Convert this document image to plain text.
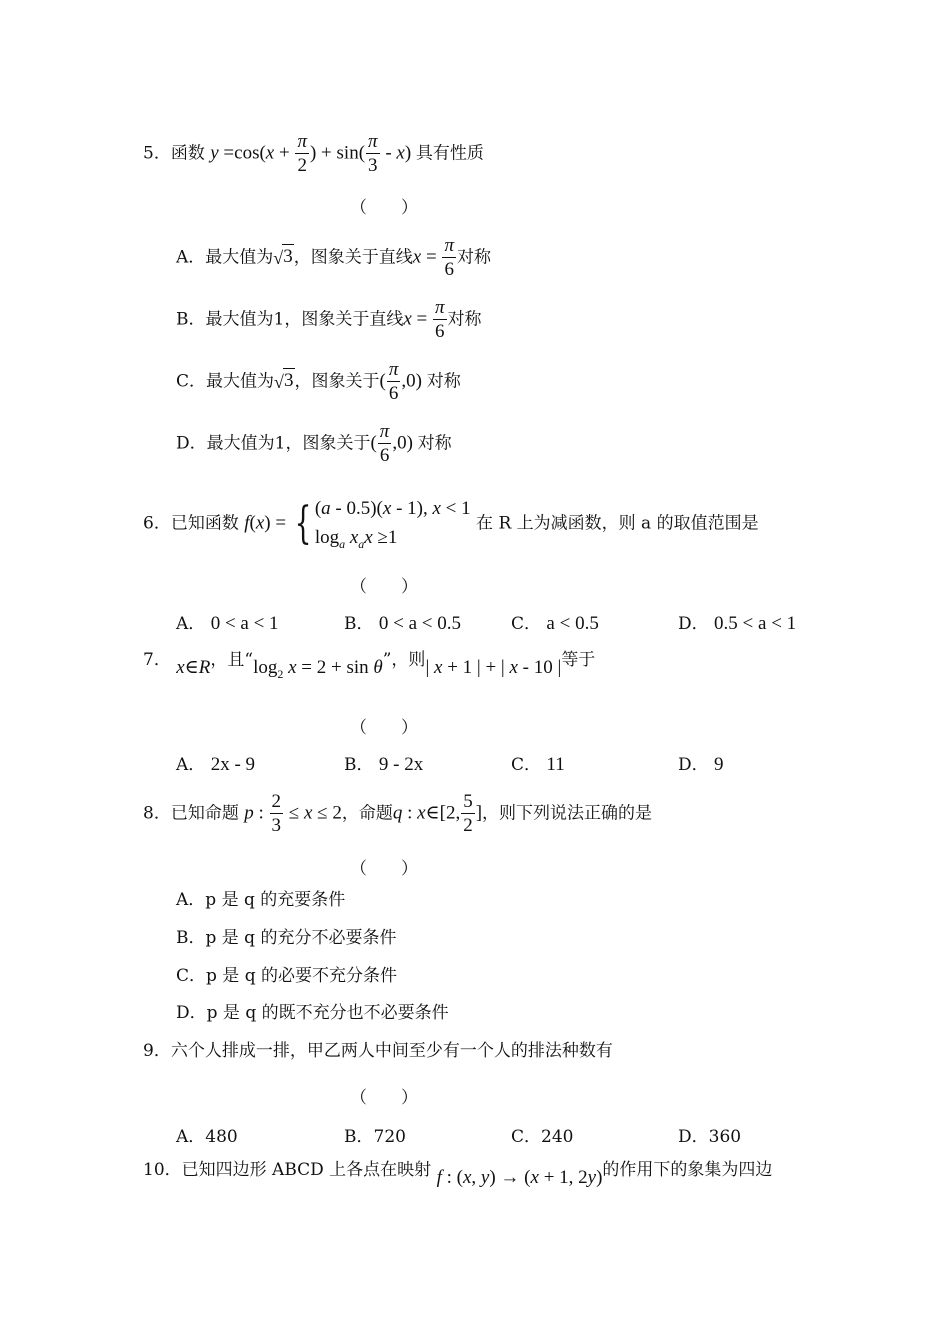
5．函数 $y =\cos(x + \frac{\pi}{2}$ ) + $\sin( \frac{\pi}{3} - x)$ 具有性质
（　　）
A．最大值为 √ 3，图象关于直线$x = \frac{\pi}{6}$ 对称
B．最大值为1，图象关于直线$x = \frac{\pi}{6}$ 对称
C．最大值为 √ 3，图象关于( $\frac{\pi}{6} ,0$) 对称
D．最大值为1，图象关于( $\frac{\pi}{6} ,0$) 对称
6．已知函数 f(x) = { (a - 0.5)(x - 1), x < 1
$\log_a x_ax \ge 1$
在 R 上为减函数，则 a 的取值范围是
（　　）
A． 0 < a < 1	B． 0 < a < 0.5	C． a < 0.5	D． 0.5 < a < 1
7． x∈R，且“$\log_2$ x = 2 + sin θ”，则| x + 1 | + | x - 10 |等于
（　　）
A． 2x - 9	B． 9 - 2x	C． 11	D． 9
8．已知命题 p : $\frac{2}{3} \le x \le 2$，命题q : x∈[2, $\frac{5}{2}$ ]，则下列说法正确的是
（　　）
A．p 是 q 的充要条件
B．p 是 q 的充分不必要条件
C．p 是 q 的必要不充分条件
D．p 是 q 的既不充分也不必要条件
9．六个人排成一排，甲乙两人中间至少有一个人的排法种数有
（　　）
A．480	B．720	C．240	D．360
10．已知四边形 ABCD 上各点在映射 f : (x, y) → (x + 1, 2y)的作用下的象集为四边
